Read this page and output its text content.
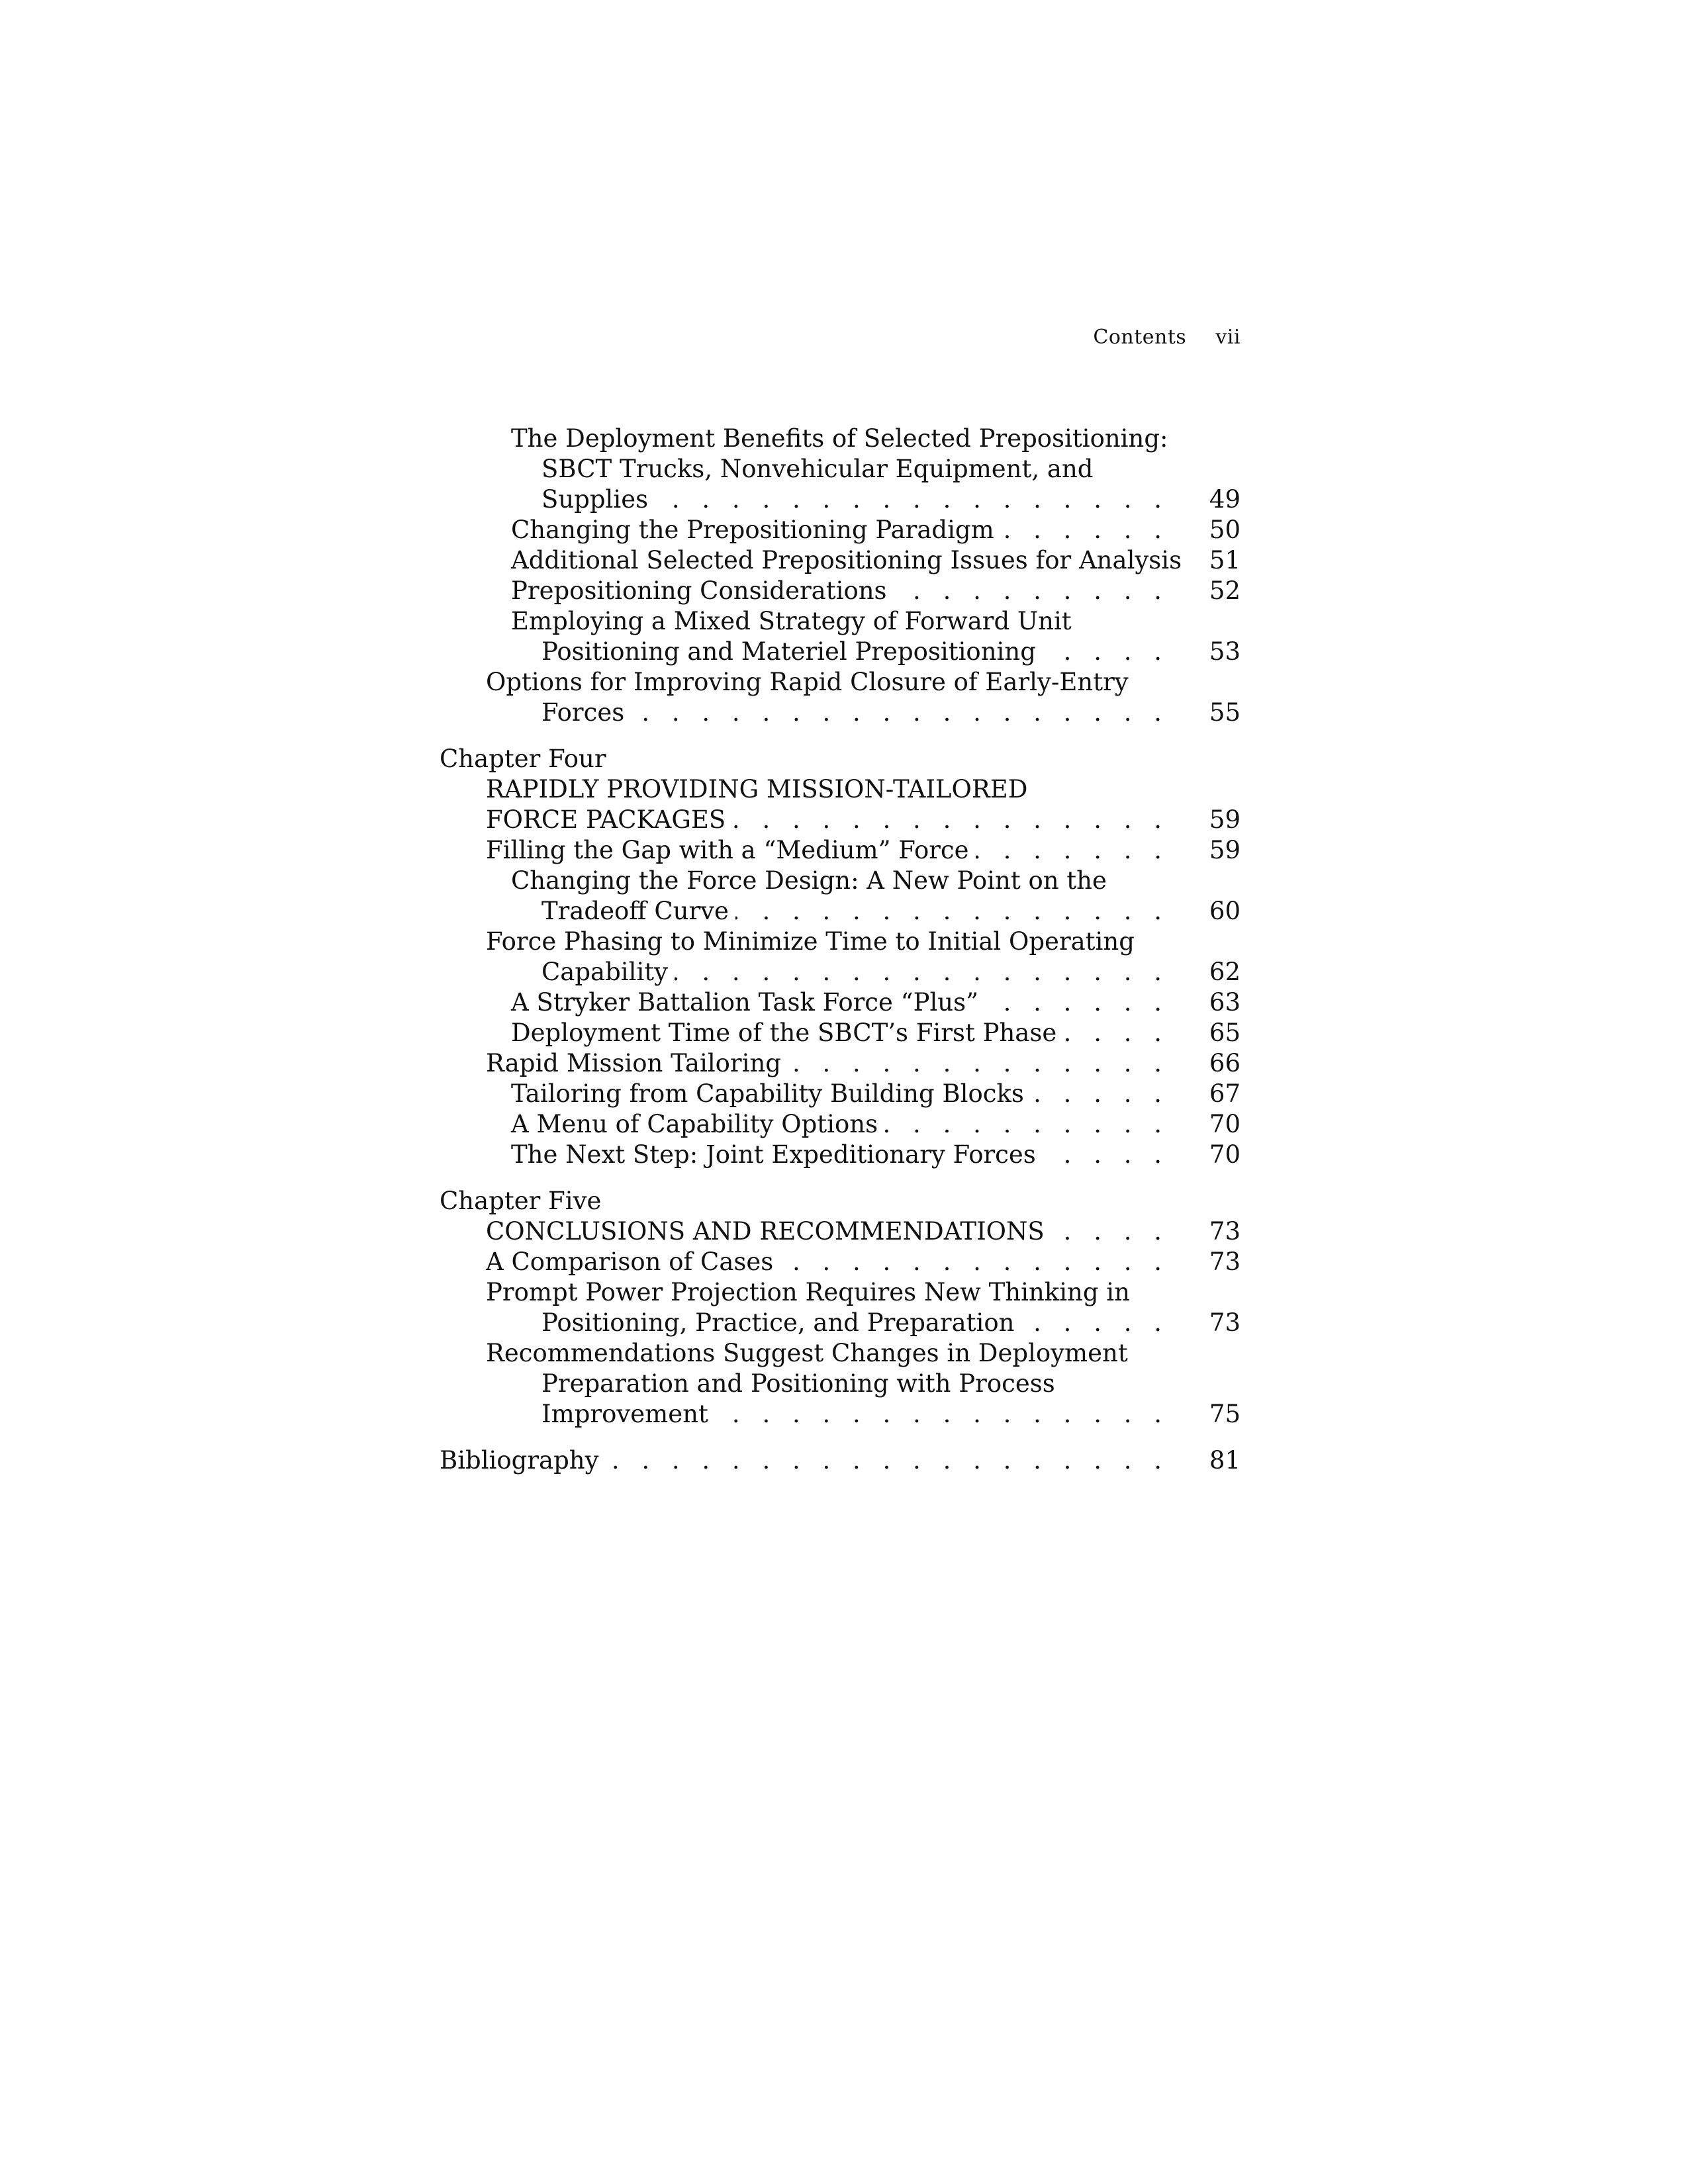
Contents vii
The Deployment Benefits of Selected Prepositioning:
SBCT Trucks, Nonvehicular Equipment, and
Supplies . . .	49
Changing the Prepositioning Paradigm . . .	50
Additional Selected Prepositioning Issues for Analysis 51
Prepositioning Considerations . . .	52
Employing a Mixed Strategy of Forward Unit
Positioning and Materiel Prepositioning . . .	53
Options for Improving Rapid Closure of Early-Entry
Forces . . .	55
Chapter Four
RAPIDLY PROVIDING MISSION-TAILORED
FORCE PACKAGES . . .	59
Filling the Gap with a “Medium” Force . . .	59
Changing the Force Design: A New Point on the
Tradeoff Curve . . .	60
Force Phasing to Minimize Time to Initial Operating
Capability . . .	62
A Stryker Battalion Task Force “Plus” . . .	63
Deployment Time of the SBCT’s First Phase . . .	65
Rapid Mission Tailoring . . .	66
Tailoring from Capability Building Blocks . . .	67
A Menu of Capability Options . . .	70
The Next Step: Joint Expeditionary Forces . . .	70
Chapter Five
CONCLUSIONS AND RECOMMENDATIONS . . .	73
A Comparison of Cases . . .	73
Prompt Power Projection Requires New Thinking in
Positioning, Practice, and Preparation . . .	73
Recommendations Suggest Changes in Deployment
Preparation and Positioning with Process
Improvement . . .	75
Bibliography . . .	81
